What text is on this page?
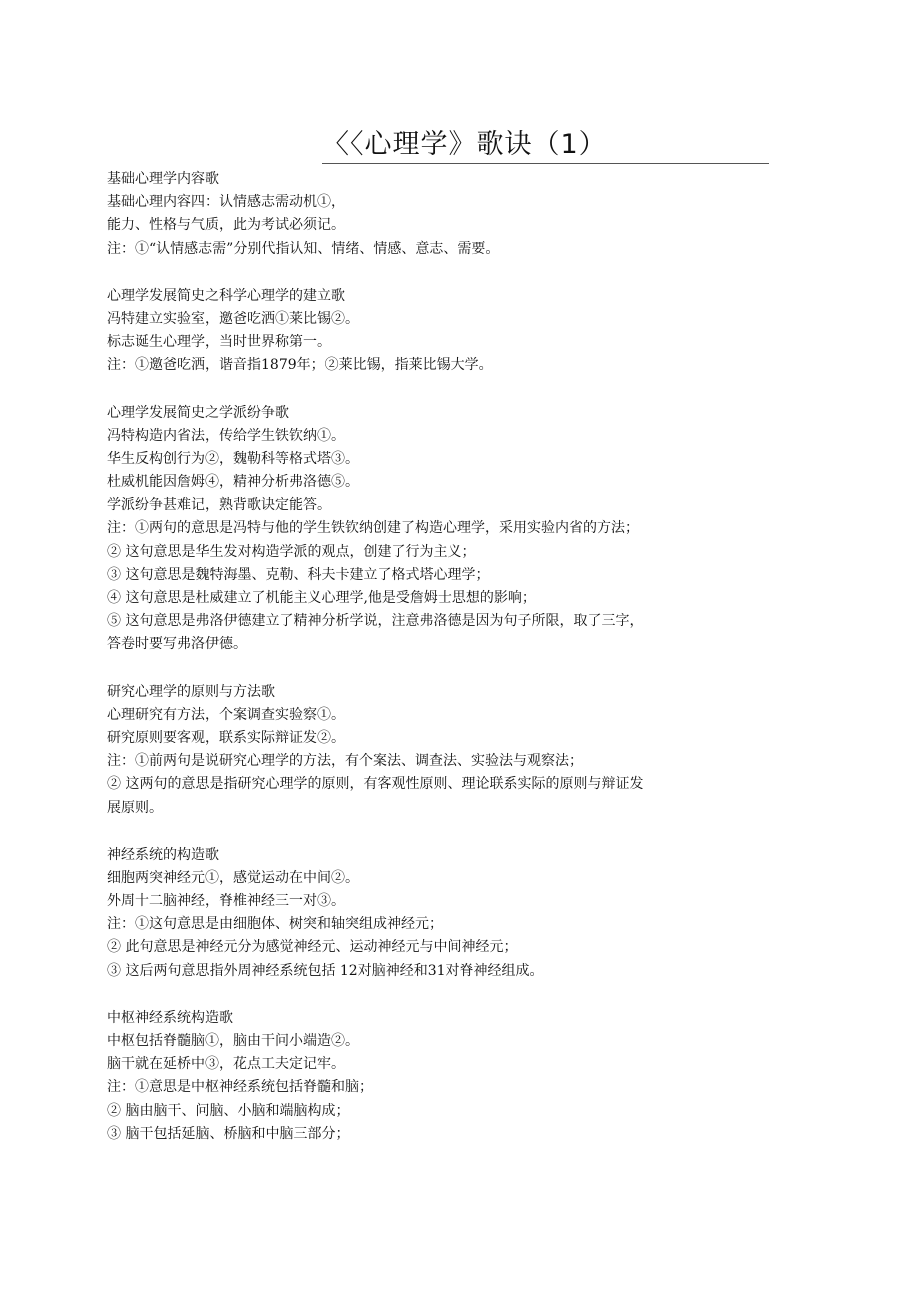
〈〈心理学》歌诀（1）
基础心理学内容歌
基础心理内容四：认情感志需动机①，
能力、性格与气质，此为考试必须记。
注：①“认情感志需”分别代指认知、情绪、情感、意志、需要。
心理学发展简史之科学心理学的建立歌
冯特建立实验室，邀爸吃洒①莱比锡②。
标志诞生心理学，当时世界称第一。
注：①邀爸吃洒，谐音指1879年；②莱比锡，指莱比锡大学。
心理学发展简史之学派纷争歌
冯特构造内省法，传给学生铁钦纳①。
华生反构创行为②，魏勒科等格式塔③。
杜威机能因詹姆④，精神分析弗洛德⑤。
学派纷争甚难记，熟背歌诀定能答。
注：①两句的意思是冯特与他的学生铁钦纳创建了构造心理学，采用实验内省的方法；
② 这句意思是华生发对构造学派的观点，创建了行为主义；
③ 这句意思是魏特海墨、克勒、科夫卡建立了格式塔心理学；
④ 这句意思是杜威建立了机能主义心理学,他是受詹姆士思想的影响；
⑤ 这句意思是弗洛伊德建立了精神分析学说，注意弗洛德是因为句子所限，取了三字，
答卷时要写弗洛伊德。
研究心理学的原则与方法歌
心理研究有方法，个案调查实验察①。
研究原则要客观，联系实际辩证发②。
注：①前两句是说研究心理学的方法，有个案法、调查法、实验法与观察法；
② 这两句的意思是指研究心理学的原则，有客观性原则、理论联系实际的原则与辩证发
展原则。
神经系统的构造歌
细胞两突神经元①，感觉运动在中间②。
外周十二脑神经，脊椎神经三一对③。
注：①这句意思是由细胞体、树突和轴突组成神经元；
② 此句意思是神经元分为感觉神经元、运动神经元与中间神经元；
③ 这后两句意思指外周神经系统包括 12对脑神经和31对脊神经组成。
中枢神经系统构造歌
中枢包括脊髓脑①，脑由干问小端造②。
脑干就在延桥中③，花点工夫定记牢。
注：①意思是中枢神经系统包括脊髓和脑；
② 脑由脑干、问脑、小脑和端脑构成；
③ 脑干包括延脑、桥脑和中脑三部分；
